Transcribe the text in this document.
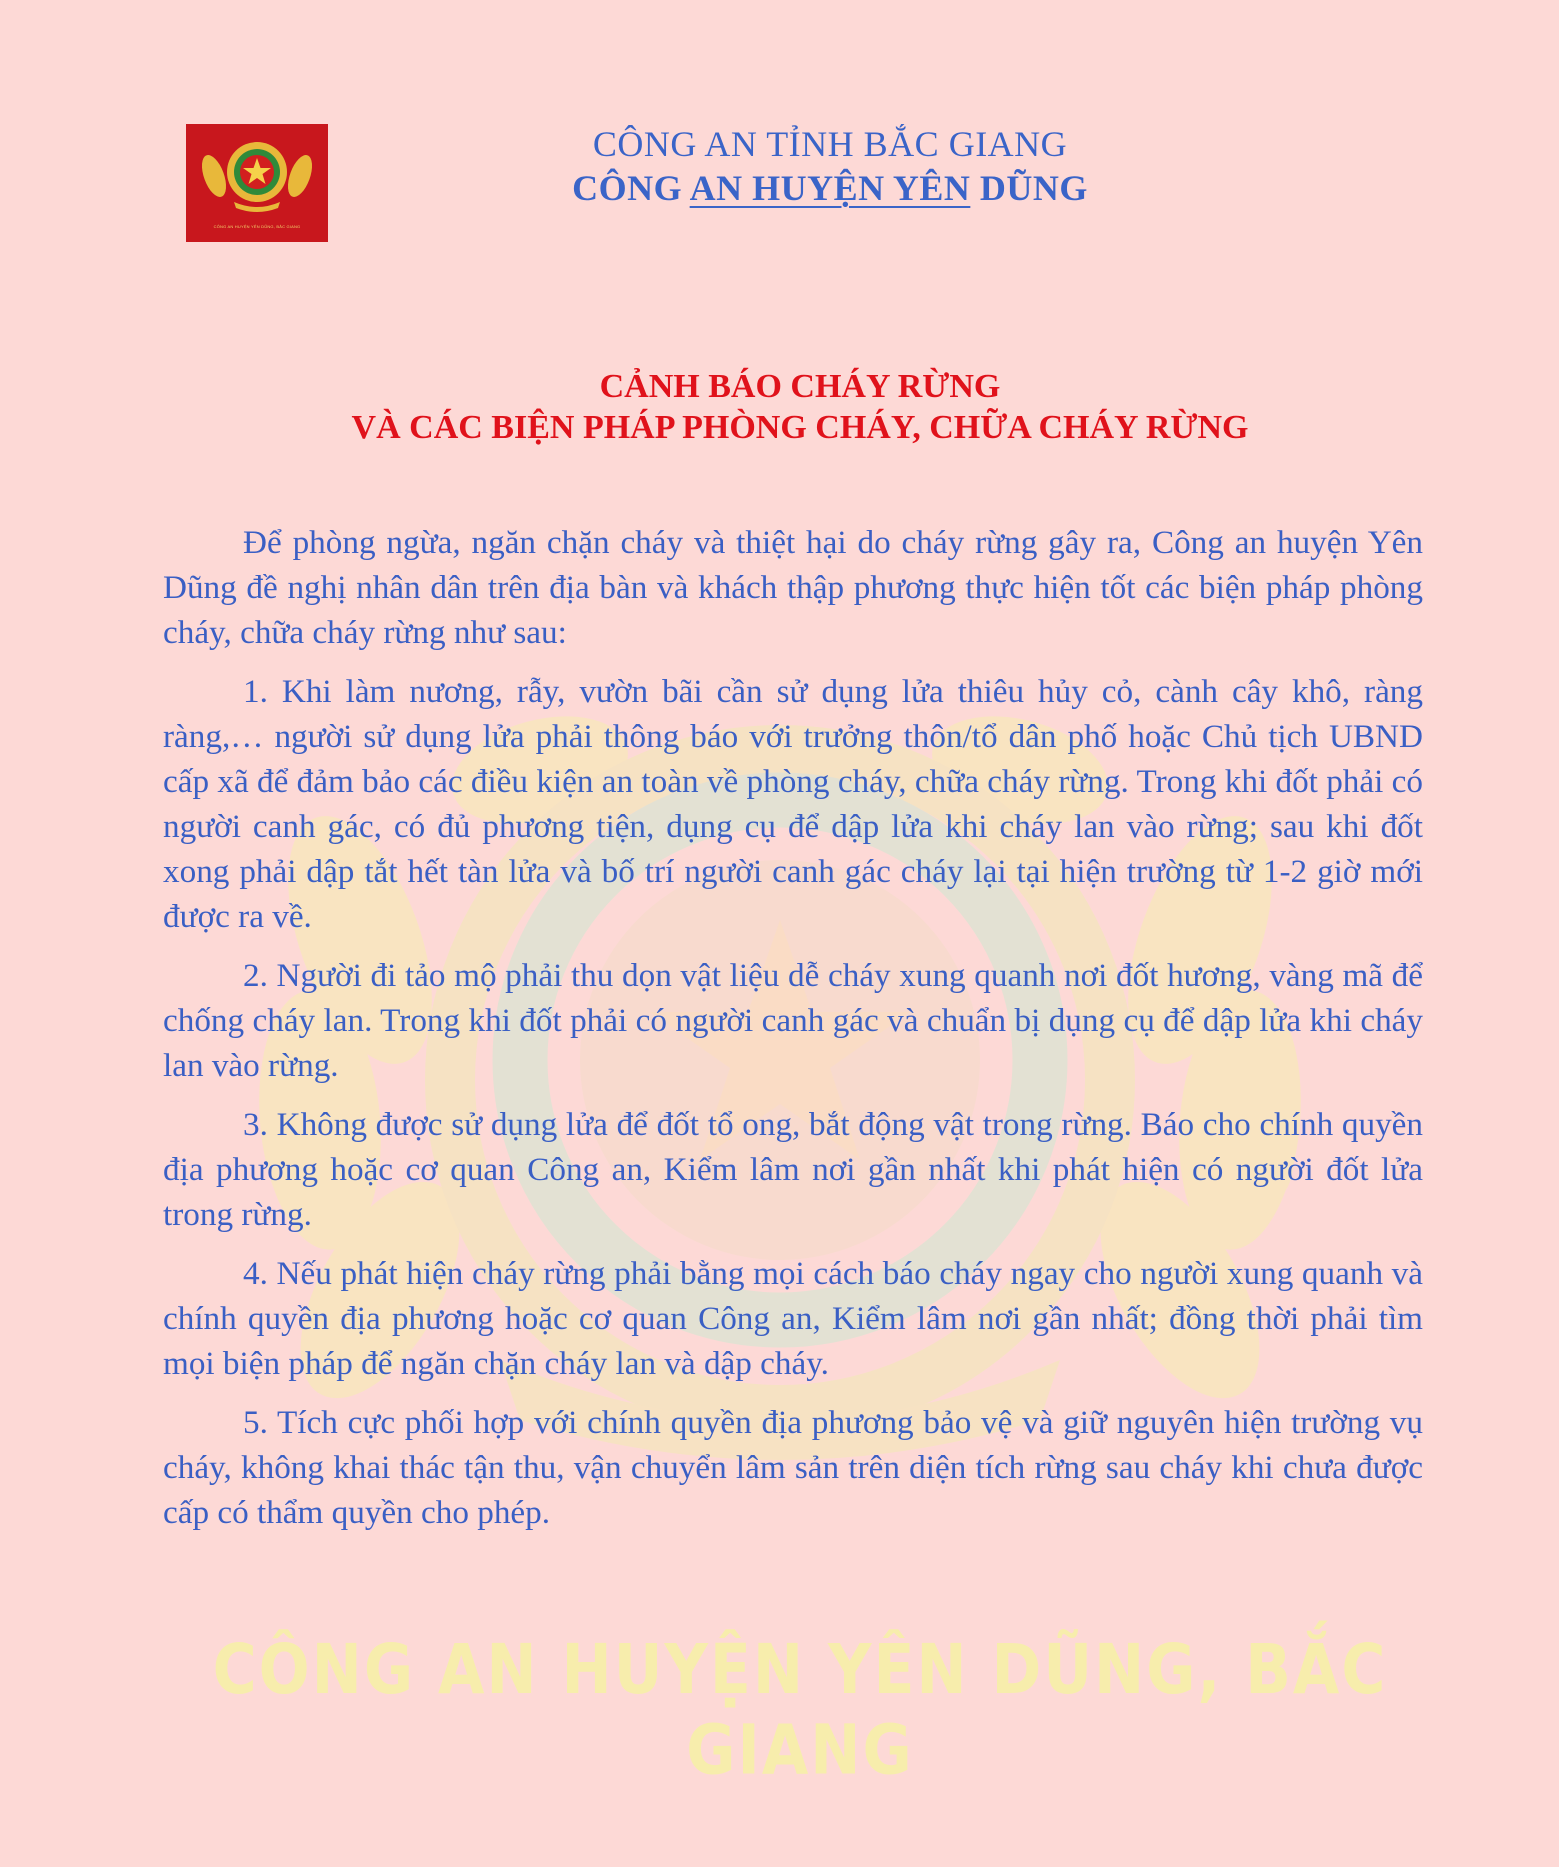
CÔNG AN HUYỆN YÊN DŨNG, BẮC GIANG
CÔNG AN TỈNH BẮC GIANG
CÔNG AN HUYỆN YÊN DŨNG
CẢNH BÁO CHÁY RỪNG
VÀ CÁC BIỆN PHÁP PHÒNG CHÁY, CHỮA CHÁY RỪNG

Để phòng ngừa, ngăn chặn cháy và thiệt hại do cháy rừng gây ra, Công an huyện Yên Dũng đề nghị nhân dân trên địa bàn và khách thập phương thực hiện tốt các biện pháp phòng cháy, chữa cháy rừng như sau:

1. Khi làm nương, rẫy, vườn bãi cần sử dụng lửa thiêu hủy cỏ, cành cây khô, ràng ràng,… người sử dụng lửa phải thông báo với trưởng thôn/tổ dân phố hoặc Chủ tịch UBND cấp xã để đảm bảo các điều kiện an toàn về phòng cháy, chữa cháy rừng. Trong khi đốt phải có người canh gác, có đủ phương tiện, dụng cụ để dập lửa khi cháy lan vào rừng; sau khi đốt xong phải dập tắt hết tàn lửa và bố trí người canh gác cháy lại tại hiện trường từ 1-2 giờ mới được ra về.

2. Người đi tảo mộ phải thu dọn vật liệu dễ cháy xung quanh nơi đốt hương, vàng mã để chống cháy lan. Trong khi đốt phải có người canh gác và chuẩn bị dụng cụ để dập lửa khi cháy lan vào rừng.

3. Không được sử dụng lửa để đốt tổ ong, bắt động vật trong rừng. Báo cho chính quyền địa phương hoặc cơ quan Công an, Kiểm lâm nơi gần nhất khi phát hiện có người đốt lửa trong rừng.

4. Nếu phát hiện cháy rừng phải bằng mọi cách báo cháy ngay cho người xung quanh và chính quyền địa phương hoặc cơ quan Công an, Kiểm lâm nơi gần nhất; đồng thời phải tìm mọi biện pháp để ngăn chặn cháy lan và dập cháy.

5. Tích cực phối hợp với chính quyền địa phương bảo vệ và giữ nguyên hiện trường vụ cháy, không khai thác tận thu, vận chuyển lâm sản trên diện tích rừng sau cháy khi chưa được cấp có thẩm quyền cho phép.

CÔNG AN HUYỆN YÊN DŨNG, BẮC GIANG
